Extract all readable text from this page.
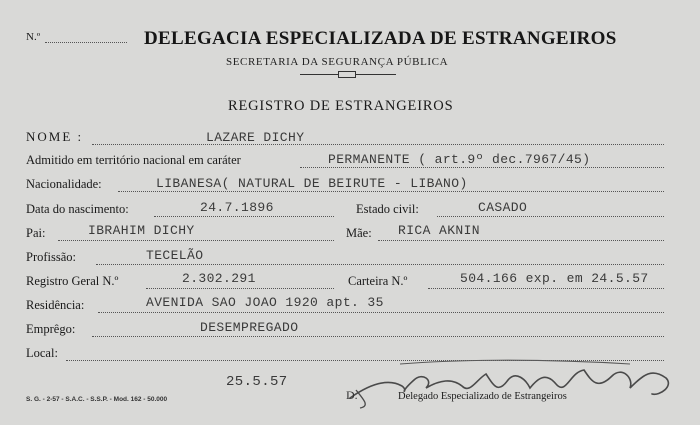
N.º	DELEGACIA ESPECIALIZADA DE ESTRANGEIROS
SECRETARIA DA SEGURANÇA PÚBLICA
REGISTRO DE ESTRANGEIROS
NOME :	LAZARE DICHY
Admitido em território nacional em caráter	PERMANENTE ( art.9º dec.7967/45)
Nacionalidade:	LIBANESA( NATURAL DE BEIRUTE - LIBANO)
Data do nascimento:	24.7.1896	Estado civil:	CASADO
Pai:	IBRAHIM DICHY	Mãe: RICA AKNIN
Profissão:	TECELÃO
Registro Geral N.º	2.302.291	Carteira N.º	504.166 exp. em 24.5.57
Residência:	AVENIDA SAO JOAO 1920 apt. 35
Emprêgo:	DESEMPREGADO
Local:
25.5.57
S. G. - 2-57 - S.A.C. - S.S.P. - Mod. 162 - 50.000	D.	Delegado Especializado de Estrangeiros
